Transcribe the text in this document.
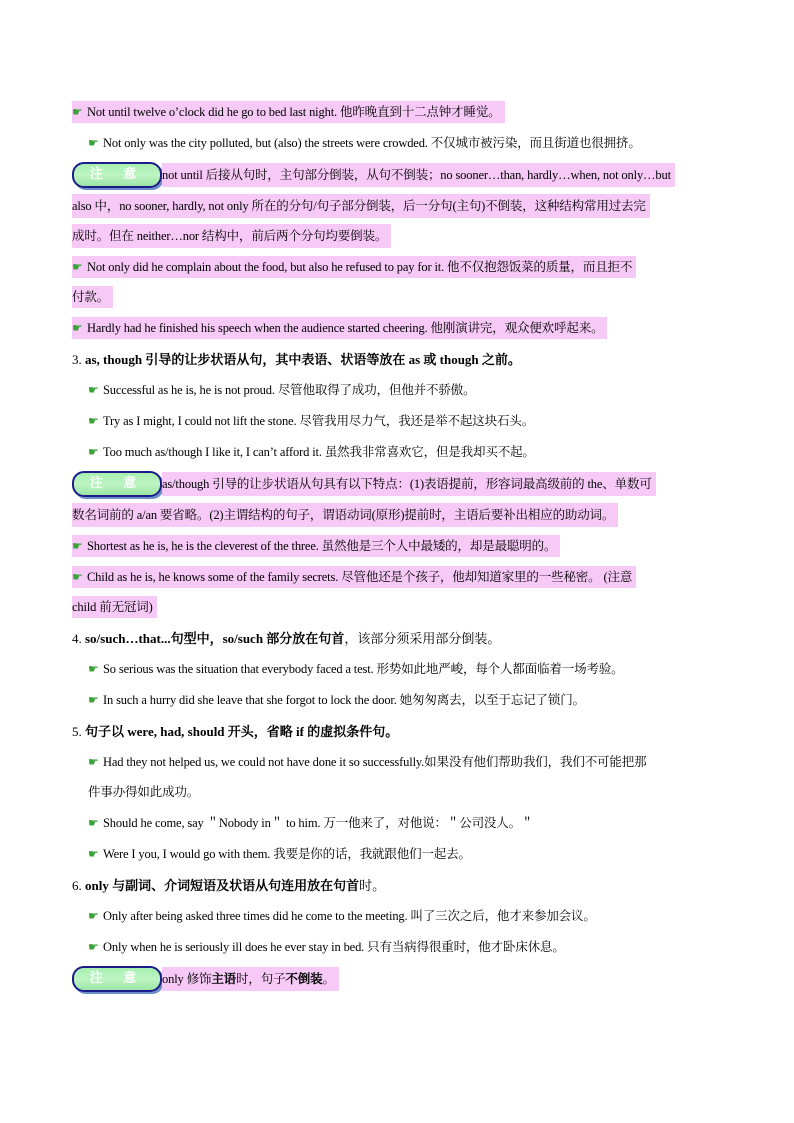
☛ Not until twelve o’clock did he go to bed last night. 他昨晚直到十二点钟才睡觉。
☛ Not only was the city polluted, but (also) the streets were crowded. 不仅城市被污染，而且街道也很拥挤。
注 意	not until 后接从句时，主句部分倒装，从句不倒装；no sooner…than, hardly…when, not only…but
also 中，no sooner, hardly, not only 所在的分句/句子部分倒装，后一分句(主句)不倒装，这种结构常用过去完
成时。但在 neither…nor 结构中，前后两个分句均要倒装。
☛ Not only did he complain about the food, but also he refused to pay for it. 他不仅抱怨饭菜的质量，而且拒不
付款。
☛ Hardly had he finished his speech when the audience started cheering. 他刚演讲完，观众便欢呼起来。
3. as, though 引导的让步状语从句，其中表语、状语等放在 as 或 though 之前。
☛ Successful as he is, he is not proud. 尽管他取得了成功，但他并不骄傲。
☛ Try as I might, I could not lift the stone. 尽管我用尽力气，我还是举不起这块石头。
☛ Too much as/though I like it, I can’t afford it. 虽然我非常喜欢它，但是我却买不起。
注 意	as/though 引导的让步状语从句具有以下特点：(1)表语提前，形容词最高级前的 the、单数可
数名词前的 a/an 要省略。(2)主谓结构的句子，谓语动词(原形)提前时，主语后要补出相应的助动词。
☛ Shortest as he is, he is the cleverest of the three. 虽然他是三个人中最矮的，却是最聪明的。
☛ Child as he is, he knows some of the family secrets. 尽管他还是个孩子，他却知道家里的一些秘密。 (注意
child 前无冠词)
4. so/such…that...句型中，so/such 部分放在句首，该部分须采用部分倒装。
☛ So serious was the situation that everybody faced a test. 形势如此地严峻，每个人都面临着一场考验。
☛ In such a hurry did she leave that she forgot to lock the door. 她匆匆离去，以至于忘记了锁门。
5. 句子以 were, had, should 开头，省略 if 的虚拟条件句。
☛ Had they not helped us, we could not have done it so successfully.如果没有他们帮助我们，我们不可能把那
件事办得如此成功。
☛ Should he come, say ＂Nobody in＂ to him. 万一他来了，对他说：＂公司没人。＂
☛ Were I you, I would go with them. 我要是你的话，我就跟他们一起去。
6. only 与副词、介词短语及状语从句连用放在句首时。
☛ Only after being asked three times did he come to the meeting. 叫了三次之后，他才来参加会议。
☛ Only when he is seriously ill does he ever stay in bed. 只有当病得很重时，他才卧床休息。
注 意	only 修饰主语时，句子不倒装。
